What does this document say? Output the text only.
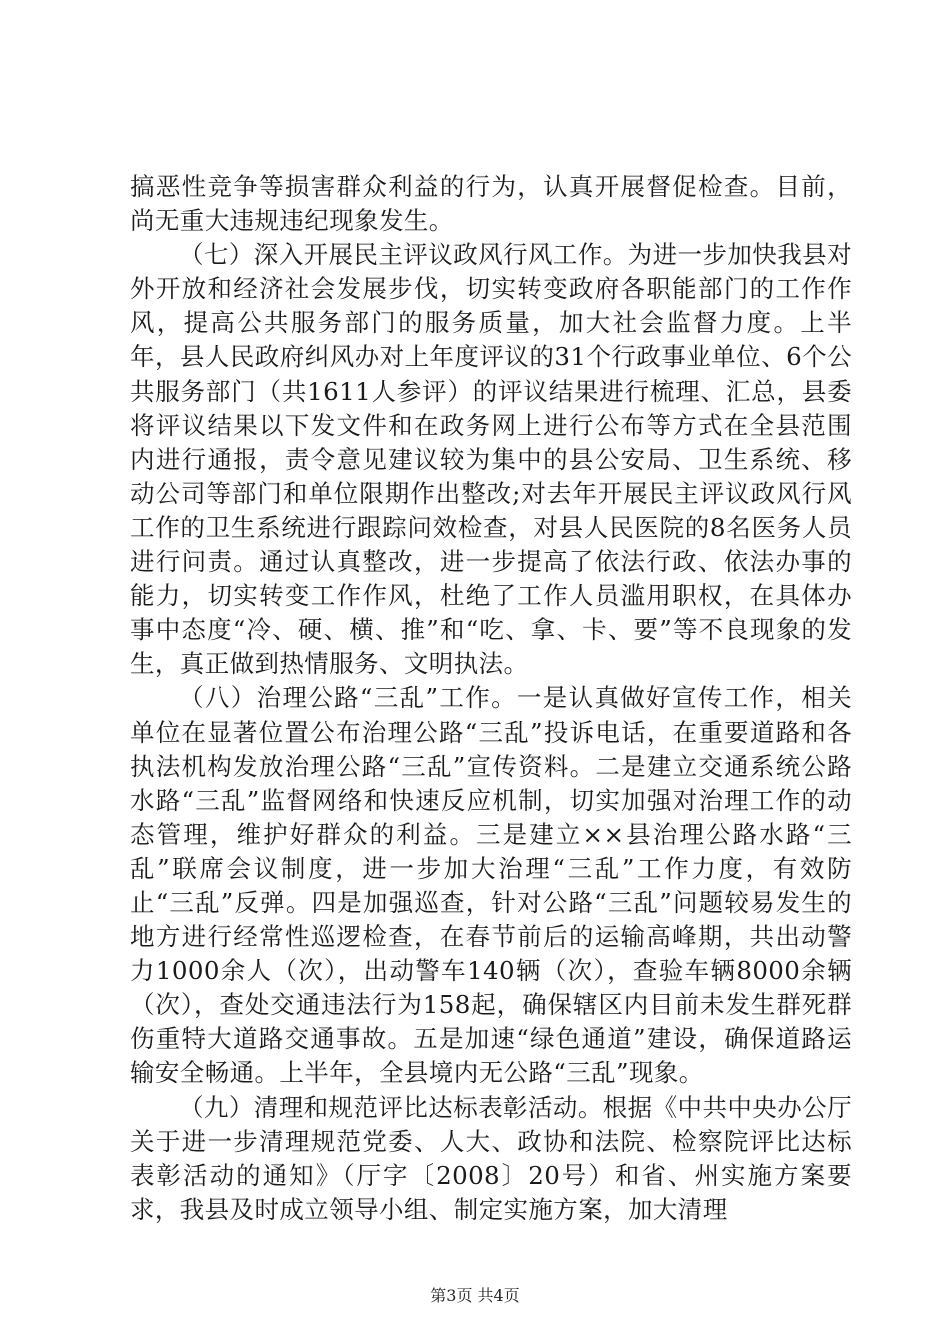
搞恶性竞争等损害群众利益的行为，认真开展督促检查。目前，尚无重大违规违纪现象发生。

（七）深入开展民主评议政风行风工作。为进一步加快我县对外开放和经济社会发展步伐，切实转变政府各职能部门的工作作风，提高公共服务部门的服务质量，加大社会监督力度。上半年，县人民政府纠风办对上年度评议的31个行政事业单位、6个公共服务部门（共1611人参评）的评议结果进行梳理、汇总，县委将评议结果以下发文件和在政务网上进行公布等方式在全县范围内进行通报，责令意见建议较为集中的县公安局、卫生系统、移动公司等部门和单位限期作出整改;对去年开展民主评议政风行风工作的卫生系统进行跟踪问效检查，对县人民医院的8名医务人员进行问责。通过认真整改，进一步提高了依法行政、依法办事的能力，切实转变工作作风，杜绝了工作人员滥用职权，在具体办事中态度“冷、硬、横、推”和“吃、拿、卡、要”等不良现象的发生，真正做到热情服务、文明执法。

（八）治理公路“三乱”工作。一是认真做好宣传工作，相关单位在显著位置公布治理公路“三乱”投诉电话，在重要道路和各执法机构发放治理公路“三乱”宣传资料。二是建立交通系统公路水路“三乱”监督网络和快速反应机制，切实加强对治理工作的动态管理，维护好群众的利益。三是建立××县治理公路水路“三乱”联席会议制度，进一步加大治理“三乱”工作力度，有效防止“三乱”反弹。四是加强巡查，针对公路“三乱”问题较易发生的地方进行经常性巡逻检查，在春节前后的运输高峰期，共出动警力1000余人（次），出动警车140辆（次），查验车辆8000余辆（次），查处交通违法行为158起，确保辖区内目前未发生群死群伤重特大道路交通事故。五是加速“绿色通道”建设，确保道路运输安全畅通。上半年，全县境内无公路“三乱”现象。

（九）清理和规范评比达标表彰活动。根据《中共中央办公厅关于进一步清理规范党委、人大、政协和法院、检察院评比达标表彰活动的通知》（厅字〔2008〕20号）和省、州实施方案要求，我县及时成立领导小组、制定实施方案，加大清理

第3页 共4页
